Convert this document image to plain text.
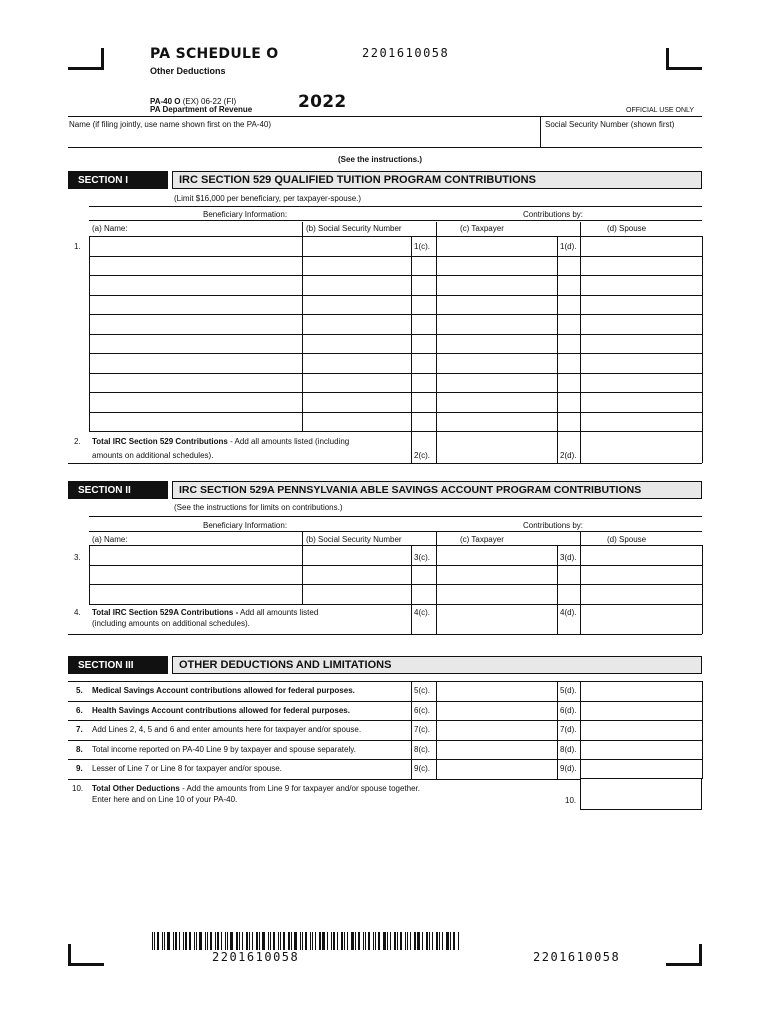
PA SCHEDULE O	2201610058
Other Deductions
PA-40 O (EX) 06-22 (FI)
PA Department of Revenue	2022	OFFICIAL USE ONLY
Name (if filing jointly, use name shown first on the PA-40)	Social Security Number (shown first)
(See the instructions.)
SECTION I	IRC SECTION 529 QUALIFIED TUITION PROGRAM CONTRIBUTIONS
(Limit $16,000 per beneficiary, per taxpayer-spouse.)
Beneficiary Information:	Contributions by:
(a) Name:	(b) Social Security Number	(c) Taxpayer	(d) Spouse
1.	1(c).	1(d).
2. Total IRC Section 529 Contributions - Add all amounts listed (including
amounts on additional schedules).	2(c).	2(d).
SECTION II	IRC SECTION 529A PENNSYLVANIA ABLE SAVINGS ACCOUNT PROGRAM CONTRIBUTIONS
(See the instructions for limits on contributions.)
Beneficiary Information:	Contributions by:
(a) Name:	(b) Social Security Number	(c) Taxpayer	(d) Spouse
3.	3(c).	3(d).
4. Total IRC Section 529A Contributions - Add all amounts listed
(including amounts on additional schedules).
4(c).	4(d).
SECTION III	OTHER DEDUCTIONS AND LIMITATIONS
5. Medical Savings Account contributions allowed for federal purposes.	5(c).	5(d).
6. Health Savings Account contributions allowed for federal purposes.	6(c).	6(d).
7. Add Lines 2, 4, 5 and 6 and enter amounts here for taxpayer and/or spouse.	7(c).	7(d).
8. Total income reported on PA-40 Line 9 by taxpayer and spouse separately.	8(c).	8(d).
9. Lesser of Line 7 or Line 8 for taxpayer and/or spouse.	9(c).	9(d).
10. Total Other Deductions - Add the amounts from Line 9 for taxpayer and/or spouse together.
Enter here and on Line 10 of your PA-40.	10.
2201610058	2201610058
